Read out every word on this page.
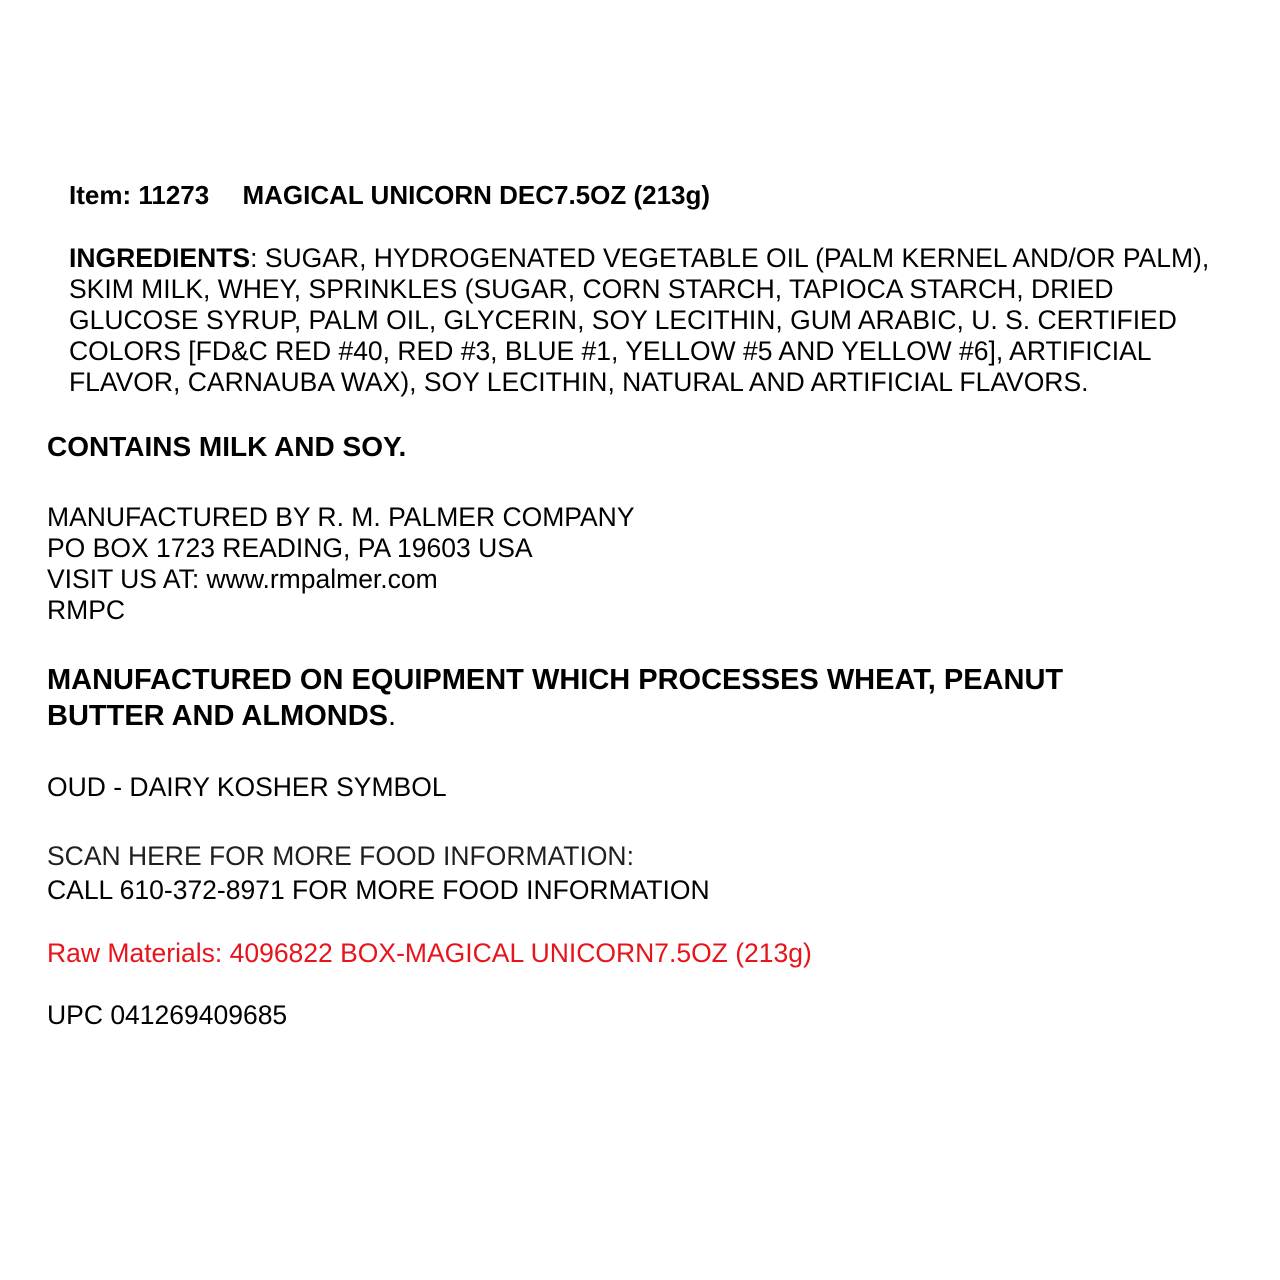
Item: 11273 MAGICAL UNICORN DEC7.5OZ (213g)
INGREDIENTS: SUGAR, HYDROGENATED VEGETABLE OIL (PALM KERNEL AND/OR PALM),
SKIM MILK, WHEY, SPRINKLES (SUGAR, CORN STARCH, TAPIOCA STARCH, DRIED
GLUCOSE SYRUP, PALM OIL, GLYCERIN, SOY LECITHIN, GUM ARABIC, U. S. CERTIFIED
COLORS [FD&C RED #40, RED #3, BLUE #1, YELLOW #5 AND YELLOW #6], ARTIFICIAL
FLAVOR, CARNAUBA WAX), SOY LECITHIN, NATURAL AND ARTIFICIAL FLAVORS.
CONTAINS MILK AND SOY.
MANUFACTURED BY R. M. PALMER COMPANY
PO BOX 1723 READING, PA 19603 USA
VISIT US AT: www.rmpalmer.com
RMPC
MANUFACTURED ON EQUIPMENT WHICH PROCESSES WHEAT, PEANUT
BUTTER AND ALMONDS.
OUD - DAIRY KOSHER SYMBOL
SCAN HERE FOR MORE FOOD INFORMATION:
CALL 610-372-8971 FOR MORE FOOD INFORMATION
Raw Materials: 4096822 BOX-MAGICAL UNICORN7.5OZ (213g)
UPC 041269409685
